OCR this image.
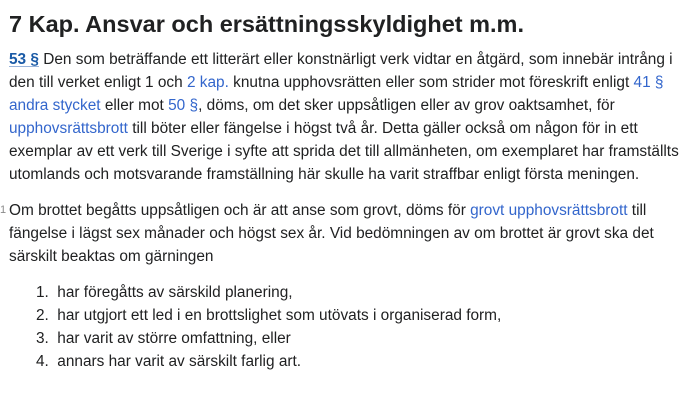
7 Kap. Ansvar och ersättningsskyldighet m.m.

53 § Den som beträffande ett litterärt eller konstnärligt verk vidtar en åtgärd, som innebär intrång i den till verket enligt 1 och 2 kap. knutna upphovsrätten eller som strider mot föreskrift enligt 41 § andra stycket eller mot 50 §, döms, om det sker uppsåtligen eller av grov oaktsamhet, för upphovsrättsbrott till böter eller fängelse i högst två år. Detta gäller också om någon för in ett exemplar av ett verk till Sverige i syfte att sprida det till allmänheten, om exemplaret har framställts utomlands och motsvarande framställning här skulle ha varit straffbar enligt första meningen.

1 Om brottet begåtts uppsåtligen och är att anse som grovt, döms för grovt upphovsrättsbrott till fängelse i lägst sex månader och högst sex år. Vid bedömningen av om brottet är grovt ska det särskilt beaktas om gärningen

1. har föregåtts av särskild planering,
2. har utgjort ett led i en brottslighet som utövats i organiserad form,
3. har varit av större omfattning, eller
4. annars har varit av särskilt farlig art.
